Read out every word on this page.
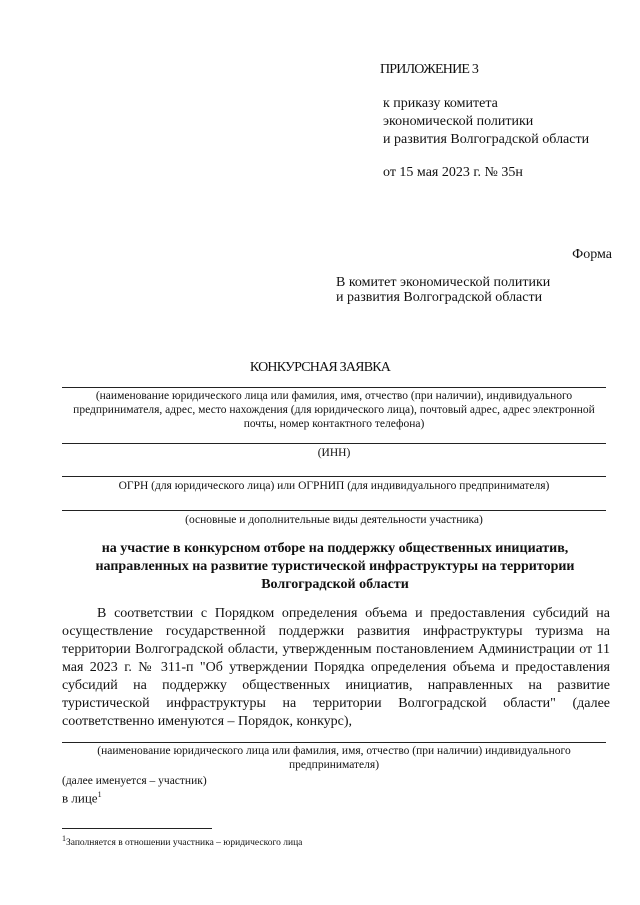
ПРИЛОЖЕНИЕ 3
к приказу комитета
экономической политики
и развития Волгоградской области
от 15 мая 2023 г. № 35н
Форма
В комитет экономической политики
и развития Волгоградской области
КОНКУРСНАЯ ЗАЯВКА
(наименование юридического лица или фамилия, имя, отчество (при наличии), индивидуального предпринимателя, адрес, место нахождения (для юридического лица), почтовый адрес, адрес электронной почты, номер контактного телефона)
(ИНН)
ОГРН (для юридического лица) или ОГРНИП (для индивидуального предпринимателя)
(основные и дополнительные виды деятельности участника)
на участие в конкурсном отборе на поддержку общественных инициатив, направленных на развитие туристической инфраструктуры на территории Волгоградской области
В соответствии с Порядком определения объема и предоставления субсидий на осуществление государственной поддержки развития инфраструктуры туризма на территории Волгоградской области, утвержденным постановлением Администрации от 11 мая 2023 г. № 311-п "Об утверждении Порядка определения объема и предоставления субсидий на поддержку общественных инициатив, направленных на развитие туристической инфраструктуры на территории Волгоградской области" (далее соответственно именуются – Порядок, конкурс),
(наименование юридического лица или фамилия, имя, отчество (при наличии) индивидуального предпринимателя)
(далее именуется – участник)
в лице$^1$
$^1$Заполняется в отношении участника – юридического лица
